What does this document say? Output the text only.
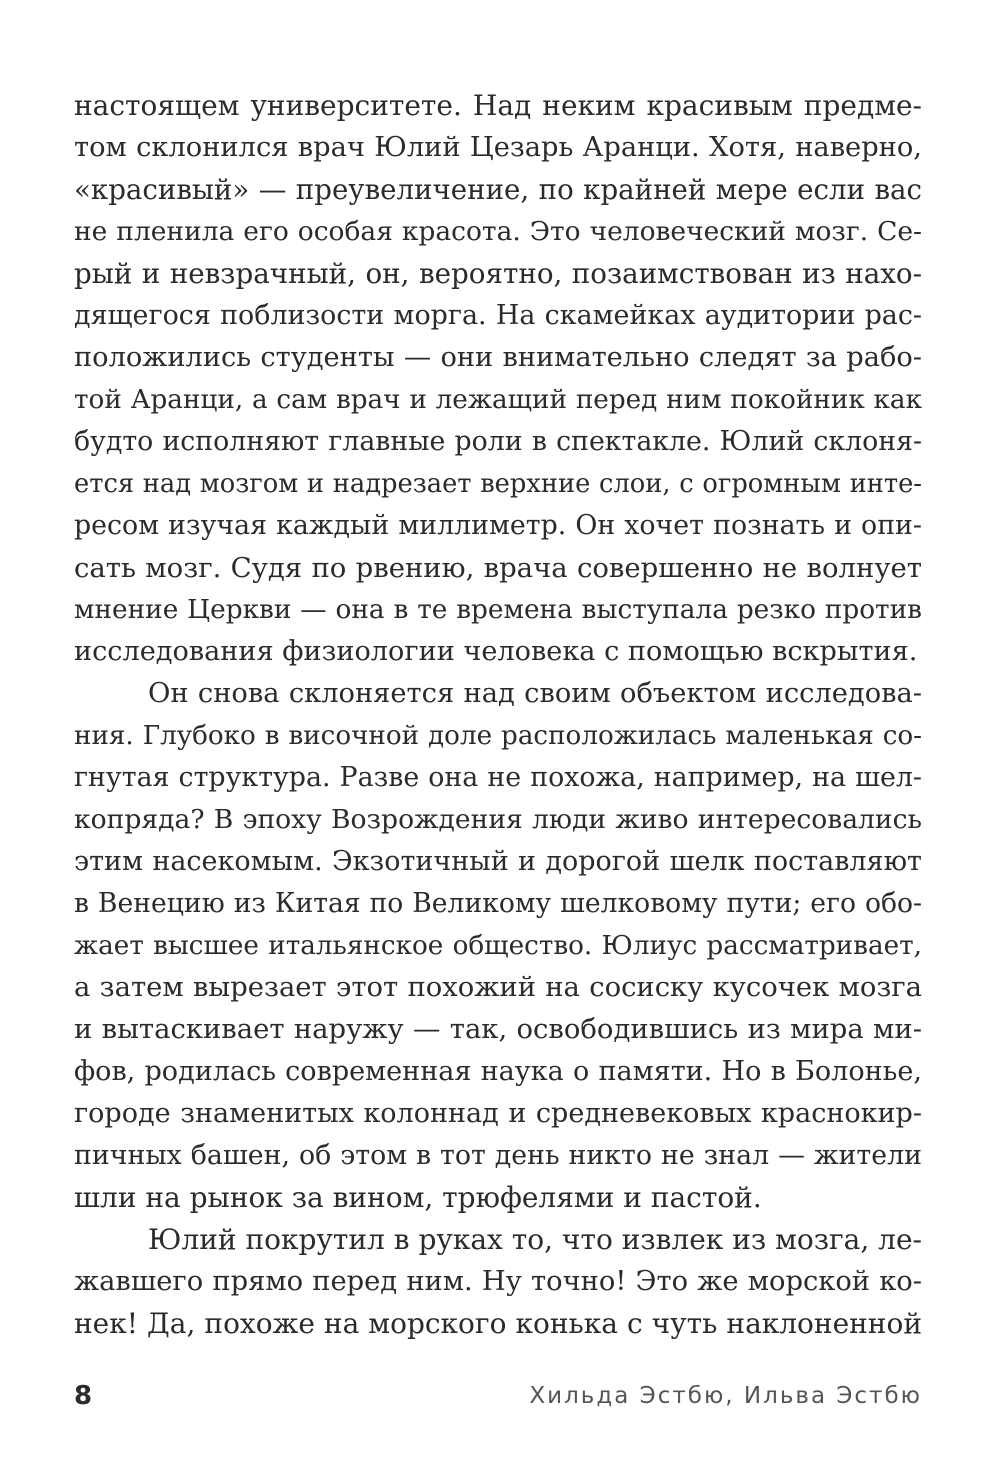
настоящем университете. Над неким красивым предме-
том склонился врач Юлий Цезарь Аранци. Хотя, наверно,
«красивый» — преувеличение, по крайней мере если вас
не пленила его особая красота. Это человеческий мозг. Се-
рый и невзрачный, он, вероятно, позаимствован из нахо-
дящегося поблизости морга. На скамейках аудитории рас-
положились студенты — они внимательно следят за рабо-
той Аранци, а сам врач и лежащий перед ним покойник как
будто исполняют главные роли в спектакле. Юлий склоня-
ется над мозгом и надрезает верхние слои, с огромным инте-
ресом изучая каждый миллиметр. Он хочет познать и опи-
сать мозг. Судя по рвению, врача совершенно не волнует
мнение Церкви — она в те времена выступала резко против
исследования физиологии человека с помощью вскрытия.
Он снова склоняется над своим объектом исследова-
ния. Глубоко в височной доле расположилась маленькая со-
гнутая структура. Разве она не похожа, например, на шел-
копряда? В эпоху Возрождения люди живо интересовались
этим насекомым. Экзотичный и дорогой шелк поставляют
в Венецию из Китая по Великому шелковому пути; его обо-
жает высшее итальянское общество. Юлиус рассматривает,
а затем вырезает этот похожий на сосиску кусочек мозга
и вытаскивает наружу — так, освободившись из мира ми-
фов, родилась современная наука о памяти. Но в Болонье,
городе знаменитых колоннад и средневековых краснокир-
пичных башен, об этом в тот день никто не знал — жители
шли на рынок за вином, трюфелями и пастой.
Юлий покрутил в руках то, что извлек из мозга, ле-
жавшего прямо перед ним. Ну точно! Это же морской ко-
нек! Да, похоже на морского конька с чуть наклоненной
8	Хильда Эстбю, Ильва Эстбю
